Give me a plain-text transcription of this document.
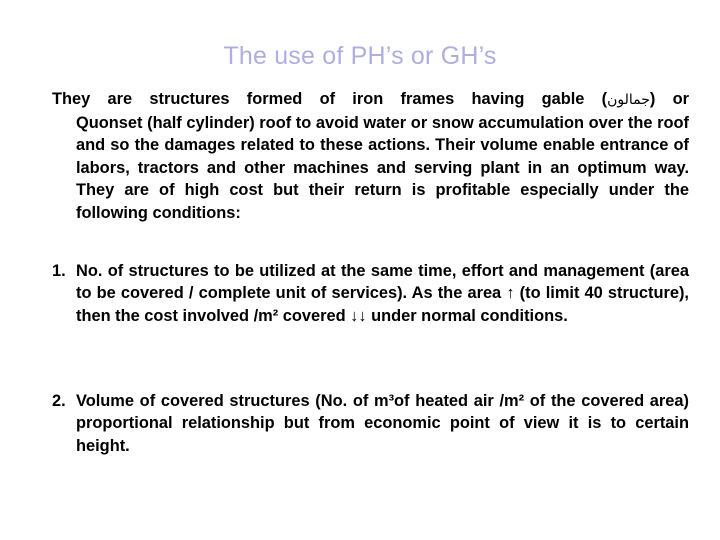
The use of PH’s or GH’s
They are structures formed of iron frames having gable (جمالون) or
Quonset (half cylinder) roof to avoid water or snow accumulation over the roof and so the damages related to these actions. Their volume enable entrance of labors, tractors and other machines and serving plant in an optimum way. They are of high cost but their return is profitable especially under the following conditions:
1. No. of structures to be utilized at the same time, effort and management (area to be covered / complete unit of services). As the area ↑ (to limit 40 structure), then the cost involved /m² covered ↓↓ under normal conditions.
2. Volume of covered structures (No. of m³of heated air /m² of the covered area) proportional relationship but from economic point of view it is to certain height.
